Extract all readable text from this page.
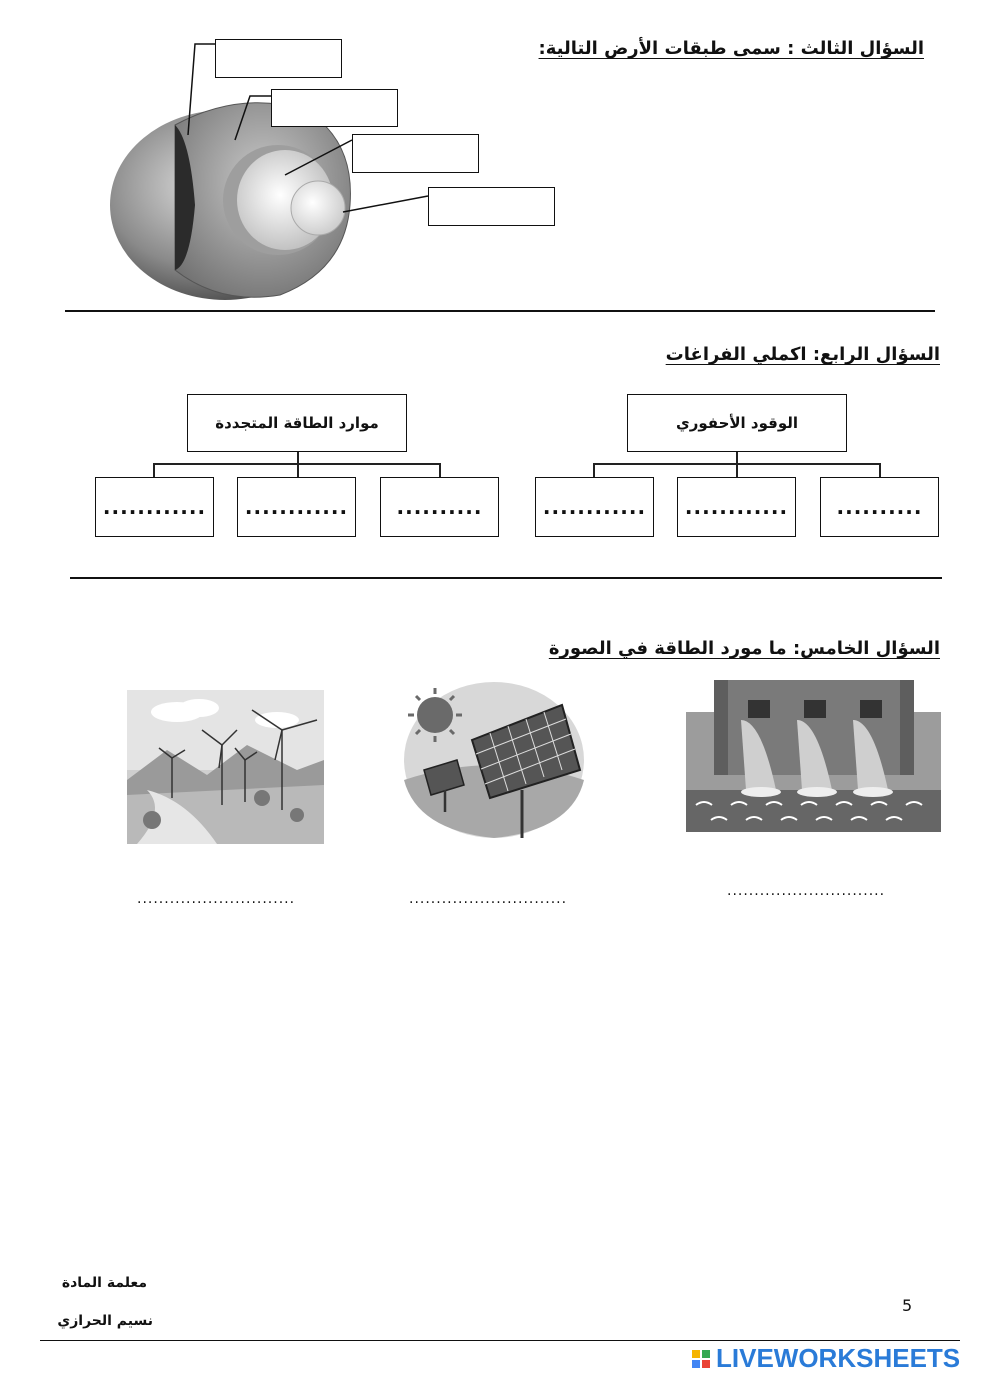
السؤال الثالث : سمى طبقات الأرض التالية:
السؤال الرابع: اكملي الفراغات
موارد الطاقة المتجددة
............	............	..........
الوقود الأحفوري
............	............	..........
السؤال الخامس: ما مورد الطاقة في الصورة
.............................	.............................	.............................
معلمة المادة
نسيم الحرازي
5
LIVEWORKSHEETS
